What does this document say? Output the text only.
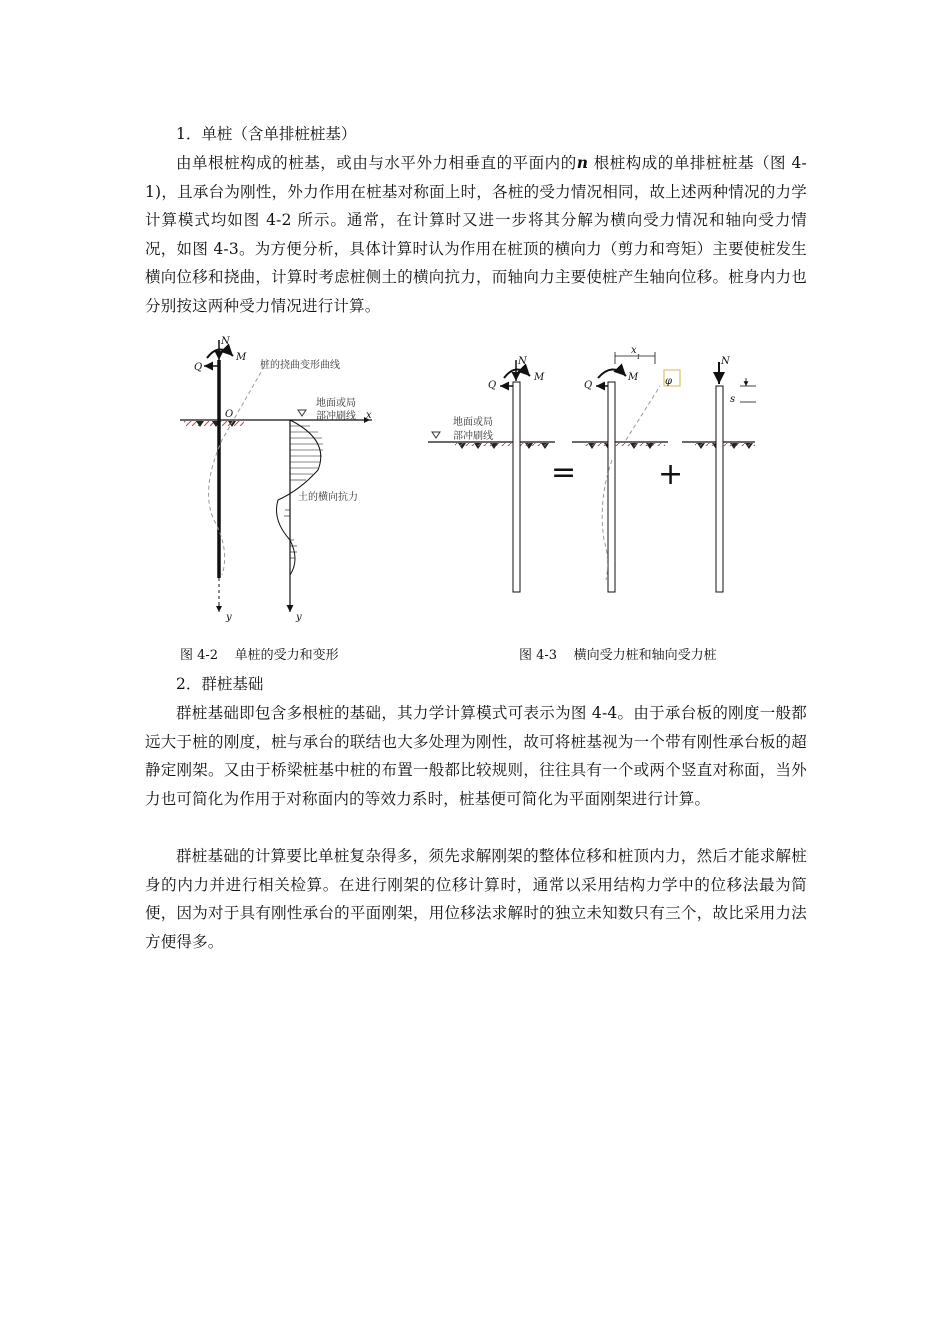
1．单桩（含单排桩桩基）

由单根桩构成的桩基，或由与水平外力相垂直的平面内的n 根桩构成的单排桩桩基（图 4-1)，且承台为刚性，外力作用在桩基对称面上时，各桩的受力情况相同，故上述两种情况的力学计算模式均如图 4-2 所示。通常，在计算时又进一步将其分解为横向受力情况和轴向受力情况，如图 4-3。为方便分析，具体计算时认为作用在桩顶的横向力（剪力和弯矩）主要使桩发生横向位移和挠曲，计算时考虑桩侧土的横向抗力，而轴向力主要使桩产生轴向位移。桩身内力也分别按这两种受力情况进行计算。

N
M
Q
O	x
y	y
桩的挠曲变形曲线
地面或局
部冲刷线
土的横向抗力
=	+
N
M
Q
M
Q
$x_1$
φ
N
s
地面或局
部冲刷线
图 4-2    单桩的受力和变形	图 4-3    横向受力桩和轴向受力桩

2．群桩基础

群桩基础即包含多根桩的基础，其力学计算模式可表示为图 4-4。由于承台板的刚度一般都远大于桩的刚度，桩与承台的联结也大多处理为刚性，故可将桩基视为一个带有刚性承台板的超静定刚架。又由于桥梁桩基中桩的布置一般都比较规则，往往具有一个或两个竖直对称面，当外力也可简化为作用于对称面内的等效力系时，桩基便可简化为平面刚架进行计算。

群桩基础的计算要比单桩复杂得多，须先求解刚架的整体位移和桩顶内力，然后才能求解桩身的内力并进行相关检算。在进行刚架的位移计算时，通常以采用结构力学中的位移法最为简便，因为对于具有刚性承台的平面刚架，用位移法求解时的独立未知数只有三个，故比采用力法方便得多。
